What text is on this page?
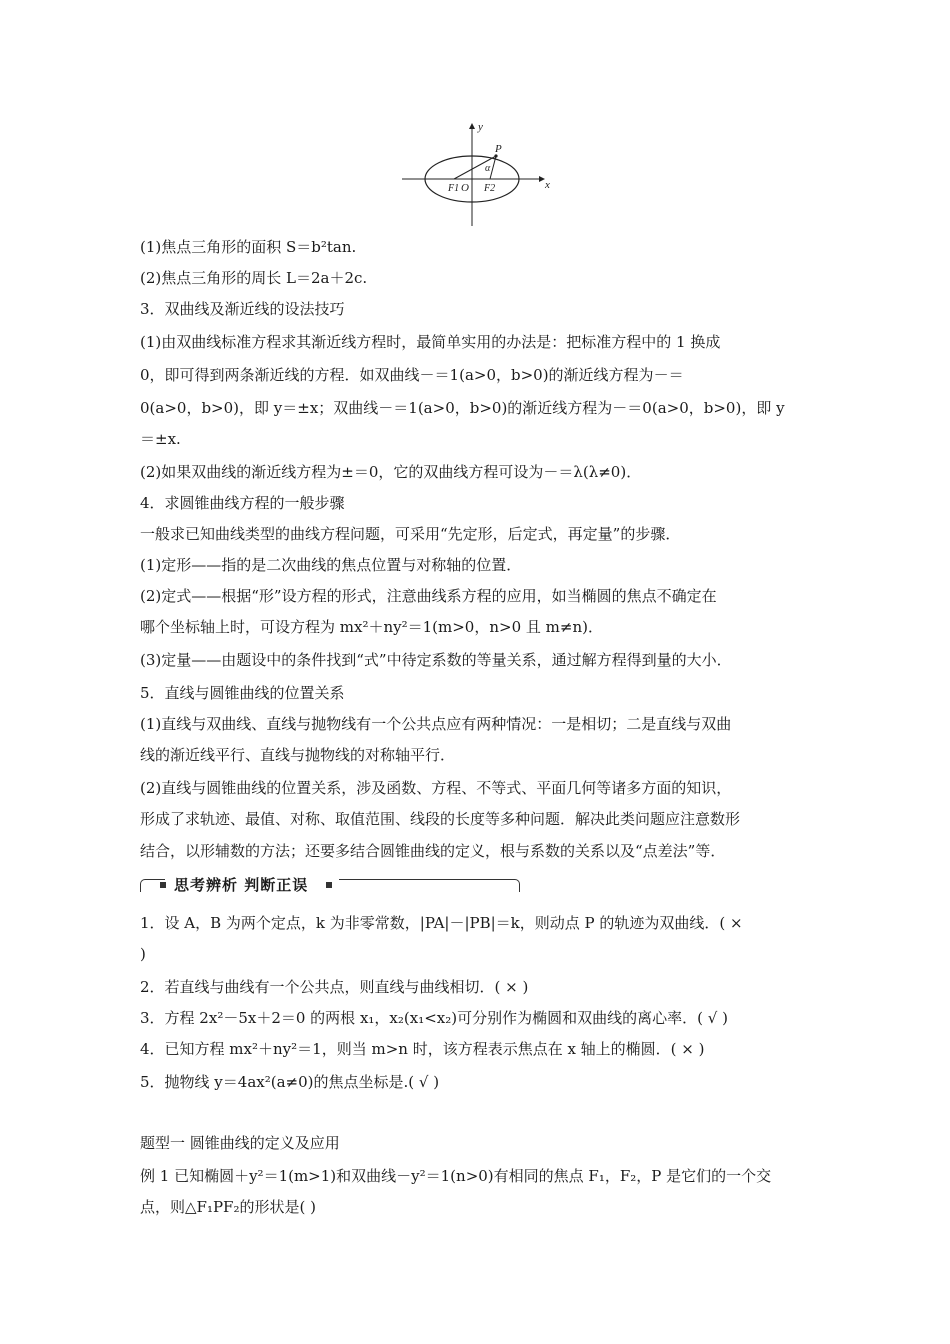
y
x
P
α
F1 O F2
(1)焦点三角形的面积 S＝b²tan.
(2)焦点三角形的周长 L＝2a＋2c.
3．双曲线及渐近线的设法技巧
(1)由双曲线标准方程求其渐近线方程时，最简单实用的办法是：把标准方程中的 1 换成
0，即可得到两条渐近线的方程．如双曲线－＝1(a>0，b>0)的渐近线方程为－＝
0(a>0，b>0)，即 y＝±x；双曲线－＝1(a>0，b>0)的渐近线方程为－＝0(a>0，b>0)，即 y
＝±x.
(2)如果双曲线的渐近线方程为±＝0，它的双曲线方程可设为－＝λ(λ≠0)．
4．求圆锥曲线方程的一般步骤
一般求已知曲线类型的曲线方程问题，可采用“先定形，后定式，再定量”的步骤．
(1)定形——指的是二次曲线的焦点位置与对称轴的位置．
(2)定式——根据“形”设方程的形式，注意曲线系方程的应用，如当椭圆的焦点不确定在
哪个坐标轴上时，可设方程为 mx²＋ny²＝1(m>0，n>0 且 m≠n)．
(3)定量——由题设中的条件找到“式”中待定系数的等量关系，通过解方程得到量的大小．
5．直线与圆锥曲线的位置关系
(1)直线与双曲线、直线与抛物线有一个公共点应有两种情况：一是相切；二是直线与双曲
线的渐近线平行、直线与抛物线的对称轴平行．
(2)直线与圆锥曲线的位置关系，涉及函数、方程、不等式、平面几何等诸多方面的知识，
形成了求轨迹、最值、对称、取值范围、线段的长度等多种问题．解决此类问题应注意数形
结合，以形辅数的方法；还要多结合圆锥曲线的定义，根与系数的关系以及“点差法”等．
思考辨析 判断正误
1．设 A，B 为两个定点，k 为非零常数，|PA|－|PB|＝k，则动点 P 的轨迹为双曲线．( ×
)
2．若直线与曲线有一个公共点，则直线与曲线相切．( × )
3．方程 2x²－5x＋2＝0 的两根 x₁，x₂(x₁<x₂)可分别作为椭圆和双曲线的离心率．( √ )
4．已知方程 mx²＋ny²＝1，则当 m>n 时，该方程表示焦点在 x 轴上的椭圆．( × )
5．抛物线 y＝4ax²(a≠0)的焦点坐标是.( √ )
题型一 圆锥曲线的定义及应用
例 1 已知椭圆＋y²＝1(m>1)和双曲线－y²＝1(n>0)有相同的焦点 F₁，F₂，P 是它们的一个交
点，则△F₁PF₂的形状是( )
